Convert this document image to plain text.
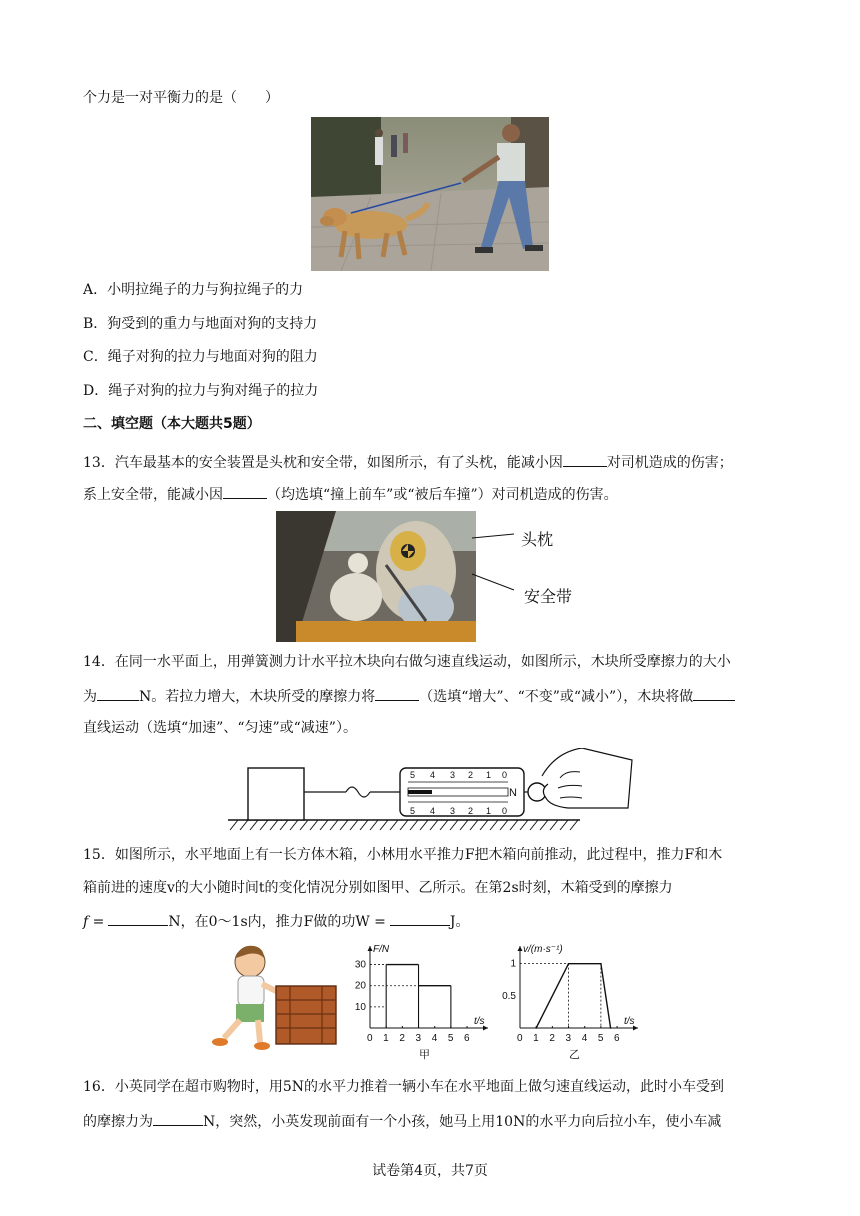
个力是一对平衡力的是（　　）
A．小明拉绳子的力与狗拉绳子的力
B．狗受到的重力与地面对狗的支持力
C．绳子对狗的拉力与地面对狗的阻力
D．绳子对狗的拉力与狗对绳子的拉力
二、填空题（本大题共5题）
13．汽车最基本的安全装置是头枕和安全带，如图所示，有了头枕，能减小因	对司机造成的伤害；
系上安全带，能减小因	（均选填“撞上前车”或“被后车撞”）对司机造成的伤害。
头枕
安全带
14．在同一水平面上，用弹簧测力计水平拉木块向右做匀速直线运动，如图所示，木块所受摩擦力的大小
为	N。若拉力增大，木块所受的摩擦力将	（选填“增大”、“不变”或“减小”），木块将做
直线运动（选填“加速”、“匀速”或“减速”）。
5 4 3 2 1 0
5 4 3 2 1 0
N
15．如图所示，水平地面上有一长方体木箱，小林用水平推力F把木箱向前推动，此过程中，推力F和木
箱前进的速度v的大小随时间t的变化情况分别如图甲、乙所示。在第2s时刻，木箱受到的摩擦力
f =	N，在0～1s内，推力F做的功W =	J。
0 1 2 3 4 5 6
10
20
30
F/N
t/s
甲
0 1 2 3 4 5 6
0.5
1
v/(m·s⁻¹)
t/s
乙
16．小英同学在超市购物时，用5N的水平力推着一辆小车在水平地面上做匀速直线运动，此时小车受到
的摩擦力为	N，突然，小英发现前面有一个小孩，她马上用10N的水平力向后拉小车，使小车减
试卷第4页，共7页
